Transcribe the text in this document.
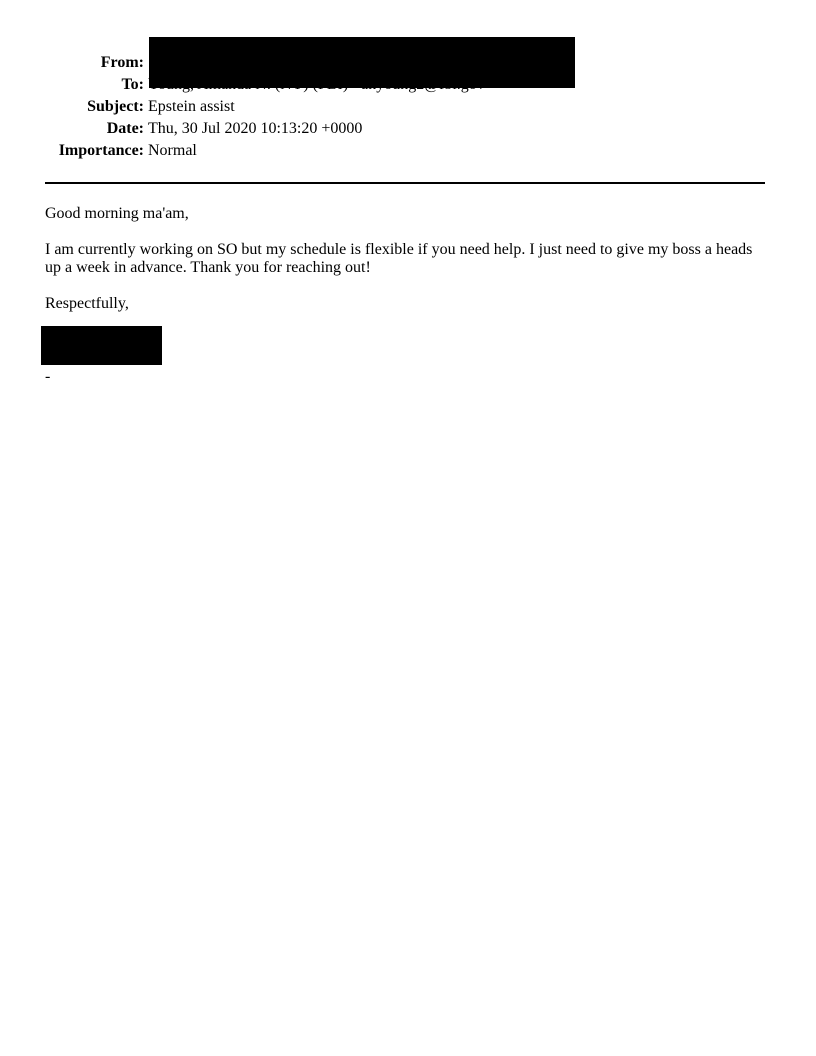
From:
To:
Subject: Epstein assist
Date: Thu, 30 Jul 2020 10:13:20 +0000
Importance: Normal
Good morning ma'am,
I am currently working on SO but my schedule is flexible if you need help. I just need to give my boss a heads up a week in advance. Thank you for reaching out!
Respectfully,
-
